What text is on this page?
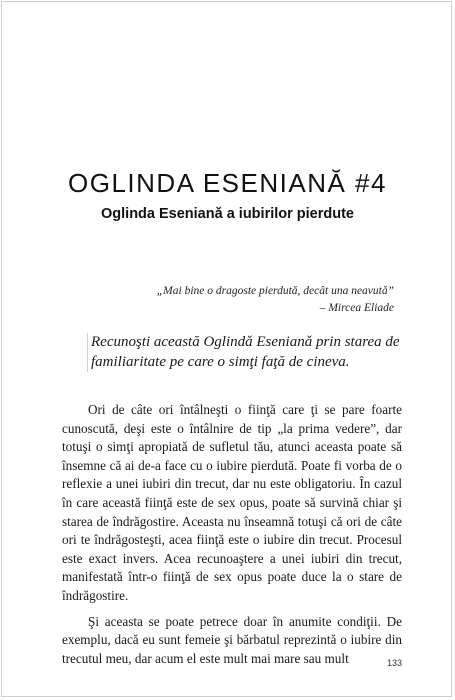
OGLINDA ESENIANĂ #4
Oglinda Esenianǎ a iubirilor pierdute
„Mai bine o dragoste pierdută, decât una neavută”
– Mircea Eliade

Recunoşti această Oglindǎ Esenianǎ prin starea de familiaritate pe care o simţi faţă de cineva.

Ori de câte ori întâlneşti o fiinţă care ţi se pare foarte cunoscută, deşi este o întâlnire de tip „la prima vedere”, dar totuşi o simţi apropiată de sufletul tău, atunci aceasta poate să însemne că ai de-a face cu o iubire pierdută. Poate fi vorba de o reflexie a unei iubiri din trecut, dar nu este obligatoriu. În cazul în care această fiinţă este de sex opus, poate să survină chiar şi starea de îndrăgostire. Aceasta nu înseamnă totuşi că ori de câte ori te îndrăgosteşti, acea fiinţă este o iubire din trecut. Procesul este exact invers. Acea recunoaştere a unei iubiri din trecut, manifestată într-o fiinţă de sex opus poate duce la o stare de îndrăgostire.

Şi aceasta se poate petrece doar în anumite condiţii. De exemplu, dacă eu sunt femeie şi bărbatul reprezintă o iubire din trecutul meu, dar acum el este mult mai mare sau mult	133
